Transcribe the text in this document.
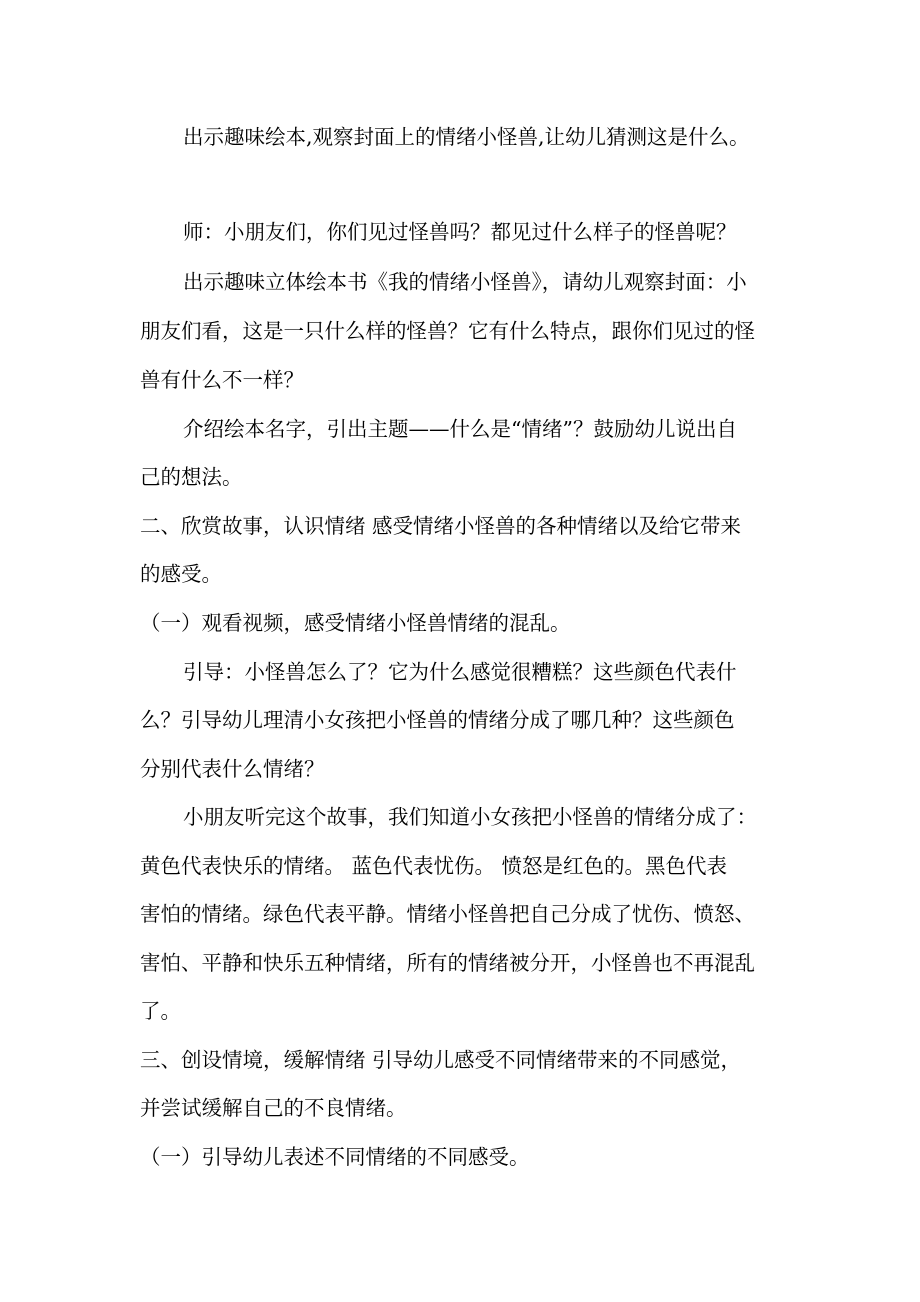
出示趣味绘本,观察封面上的情绪小怪兽,让幼儿猜测这是什么。
师：小朋友们，你们见过怪兽吗？都见过什么样子的怪兽呢？
出示趣味立体绘本书《我的情绪小怪兽》，请幼儿观察封面：小
朋友们看，这是一只什么样的怪兽？它有什么特点，跟你们见过的怪
兽有什么不一样？
介绍绘本名字，引出主题——什么是“情绪”？鼓励幼儿说出自
己的想法。
二、欣赏故事，认识情绪 感受情绪小怪兽的各种情绪以及给它带来
的感受。
（一）观看视频，感受情绪小怪兽情绪的混乱。
引导：小怪兽怎么了？它为什么感觉很糟糕？这些颜色代表什
么？引导幼儿理清小女孩把小怪兽的情绪分成了哪几种？这些颜色
分别代表什么情绪？
小朋友听完这个故事，我们知道小女孩把小怪兽的情绪分成了：
黄色代表快乐的情绪。 蓝色代表忧伤。 愤怒是红色的。黑色代表
害怕的情绪。绿色代表平静。情绪小怪兽把自己分成了忧伤、愤怒、
害怕、平静和快乐五种情绪，所有的情绪被分开，小怪兽也不再混乱
了。
三、创设情境，缓解情绪 引导幼儿感受不同情绪带来的不同感觉，
并尝试缓解自己的不良情绪。
（一）引导幼儿表述不同情绪的不同感受。
